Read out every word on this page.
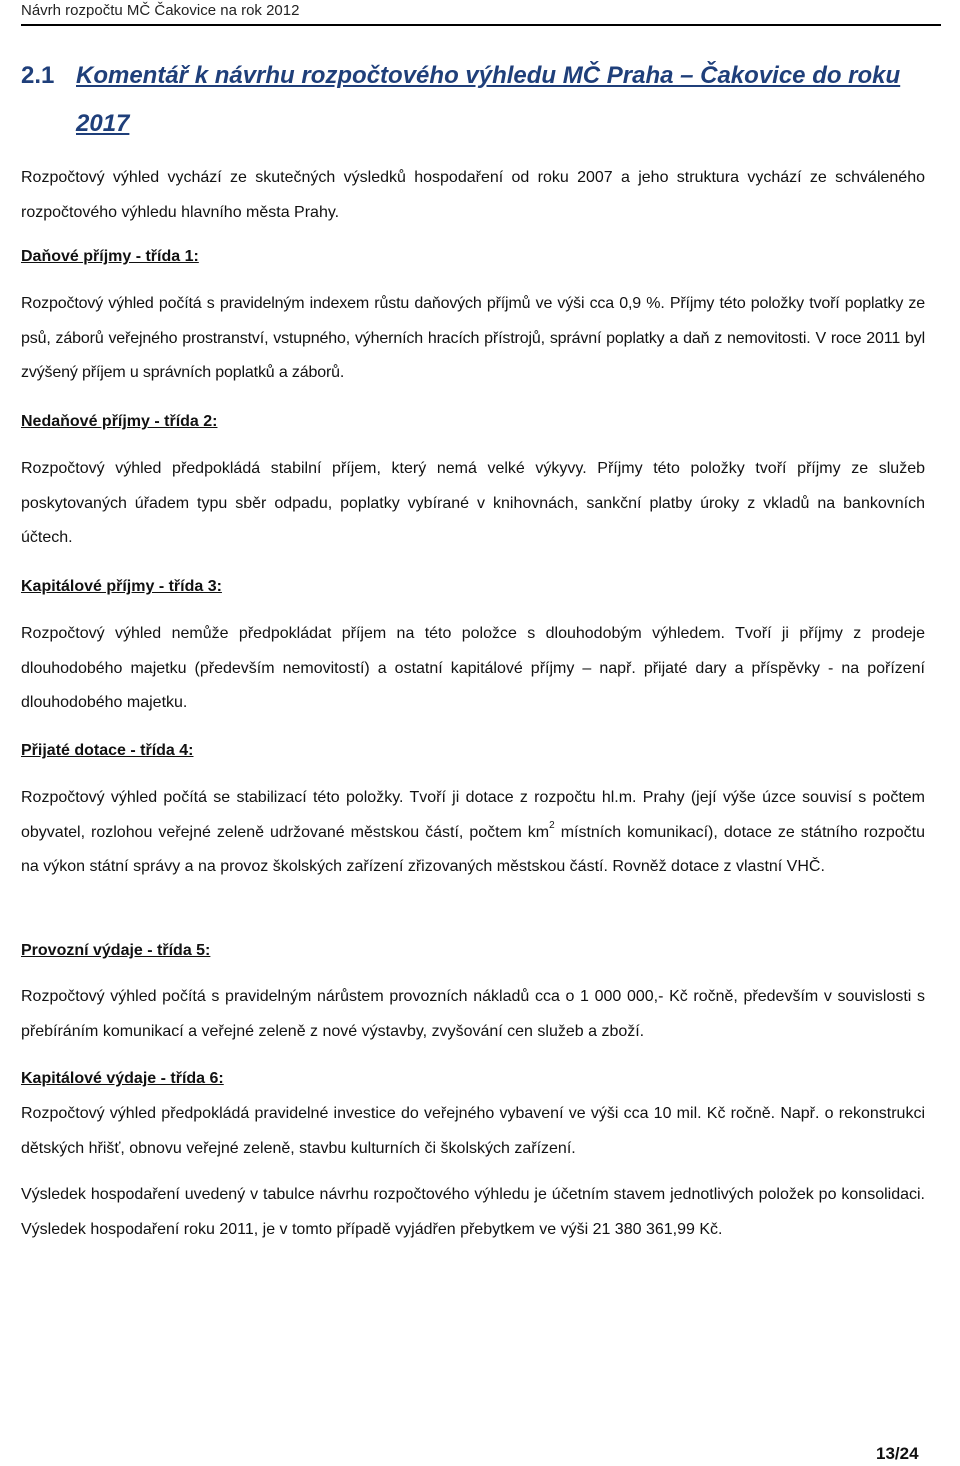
Návrh rozpočtu MČ Čakovice na rok 2012
2.1 Komentář k návrhu rozpočtového výhledu MČ Praha – Čakovice do roku
2017

Rozpočtový výhled vychází ze skutečných výsledků hospodaření od roku 2007 a jeho struktura vychází ze schváleného rozpočtového výhledu hlavního města Prahy.

Daňové příjmy - třída 1:

Rozpočtový výhled počítá s pravidelným indexem růstu daňových příjmů ve výši cca 0,9 %. Příjmy této položky tvoří poplatky ze psů, záborů veřejného prostranství, vstupného, výherních hracích přístrojů, správní poplatky a daň z nemovitosti. V roce 2011 byl zvýšený příjem u správních poplatků a záborů.

Nedaňové příjmy - třída 2:

Rozpočtový výhled předpokládá stabilní příjem, který nemá velké výkyvy. Příjmy této položky tvoří příjmy ze služeb poskytovaných úřadem typu sběr odpadu, poplatky vybírané v knihovnách, sankční platby úroky z vkladů na bankovních účtech.

Kapitálové příjmy - třída 3:

Rozpočtový výhled nemůže předpokládat příjem na této položce s dlouhodobým výhledem. Tvoří ji příjmy z prodeje dlouhodobého majetku (především nemovitostí) a ostatní kapitálové příjmy – např. přijaté dary a příspěvky - na pořízení dlouhodobého majetku.

Přijaté dotace - třída 4:

Rozpočtový výhled počítá se stabilizací této položky. Tvoří ji dotace z rozpočtu hl.m. Prahy (její výše úzce souvisí s počtem obyvatel, rozlohou veřejné zeleně udržované městskou částí, počtem $km^2$ místních komunikací), dotace ze státního rozpočtu na výkon státní správy a na provoz školských zařízení zřizovaných městskou částí. Rovněž dotace z vlastní VHČ.

Provozní výdaje - třída 5:

Rozpočtový výhled počítá s pravidelným nárůstem provozních nákladů cca o 1 000 000,- Kč ročně, především v souvislosti s přebíráním komunikací a veřejné zeleně z nové výstavby, zvyšování cen služeb a zboží.

Kapitálové výdaje - třída 6:

Rozpočtový výhled předpokládá pravidelné investice do veřejného vybavení ve výši cca 10 mil. Kč ročně. Např. o rekonstrukci dětských hřišť, obnovu veřejné zeleně, stavbu kulturních či školských zařízení.

Výsledek hospodaření uvedený v tabulce návrhu rozpočtového výhledu je účetním stavem jednotlivých položek po konsolidaci. Výsledek hospodaření roku 2011, je v tomto případě vyjádřen přebytkem ve výši 21 380 361,99 Kč.

13/24
